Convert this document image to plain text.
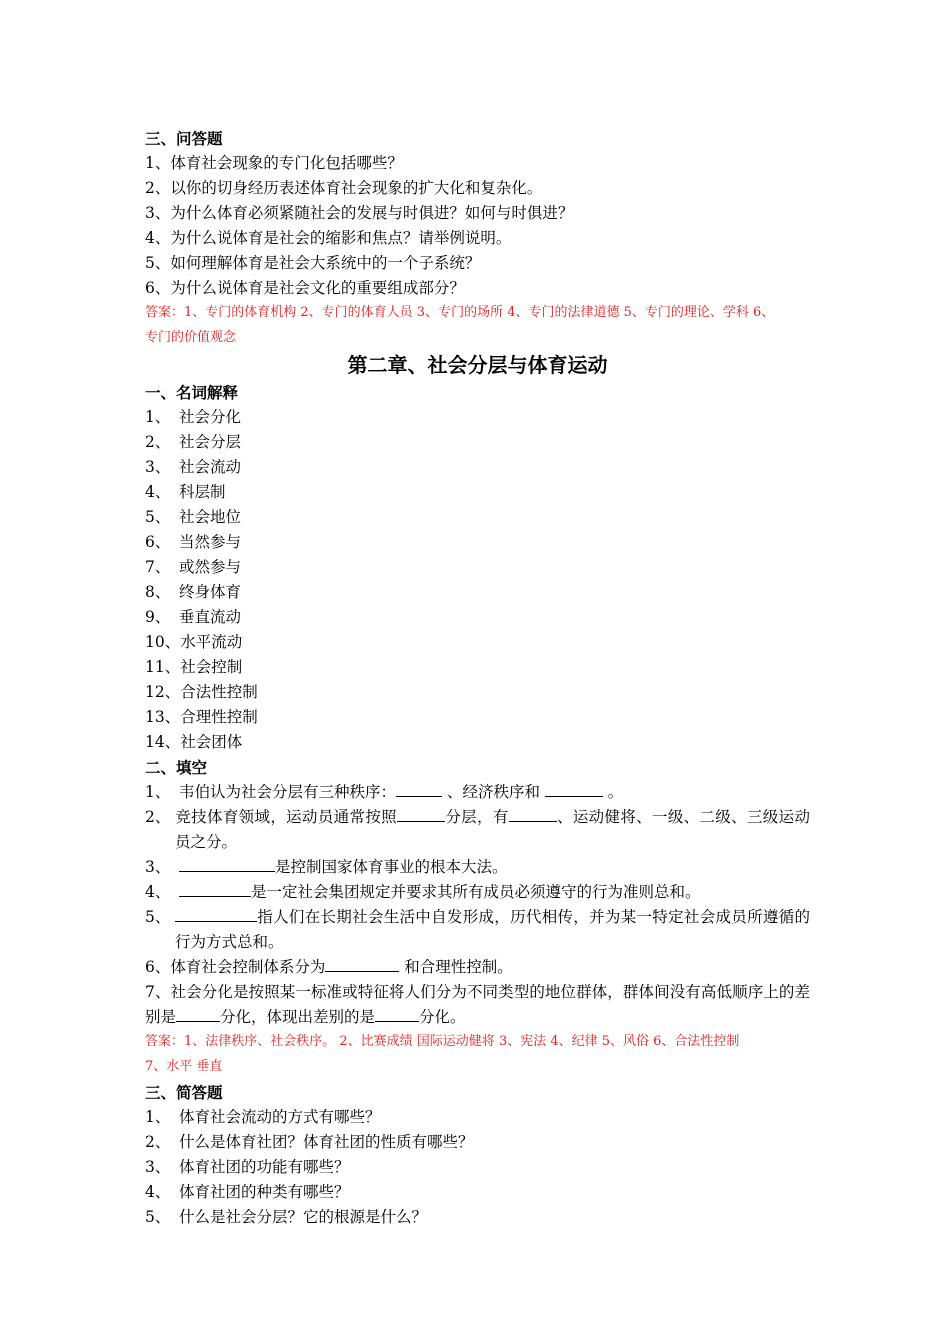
三、问答题
1、体育社会现象的专门化包括哪些？
2、以你的切身经历表述体育社会现象的扩大化和复杂化。
3、为什么体育必须紧随社会的发展与时俱进？如何与时俱进？
4、为什么说体育是社会的缩影和焦点？请举例说明。
5、如何理解体育是社会大系统中的一个子系统？
6、为什么说体育是社会文化的重要组成部分？
答案：1、专门的体育机构 2、专门的体育人员 3、专门的场所 4、专门的法律道德 5、专门的理论、学科 6、
专门的价值观念
第二章、社会分层与体育运动
一、名词解释
1、 社会分化
2、 社会分层
3、 社会流动
4、 科层制
5、 社会地位
6、 当然参与
7、 或然参与
8、 终身体育
9、 垂直流动
10、水平流动
11、社会控制
12、合法性控制
13、合理性控制
14、社会团体
二、填空
1、 韦伯认为社会分层有三种秩序：	、经济秩序和	。
2、 竞技体育领域，运动员通常按照	分层，有	、运动健将、一级、二级、三级运动员之分。
3、	是控制国家体育事业的根本大法。
4、	是一定社会集团规定并要求其所有成员必须遵守的行为准则总和。
5、	指人们在长期社会生活中自发形成，历代相传，并为某一特定社会成员所遵循的行为方式总和。
6、体育社会控制体系分为	和合理性控制。
7、社会分化是按照某一标准或特征将人们分为不同类型的地位群体，群体间没有高低顺序上的差别是	分化，体现出差别的是	分化。
答案：1、法律秩序、社会秩序。 2、比赛成绩 国际运动健将 3、宪法 4、纪律 5、风俗 6、合法性控制
7、水平 垂直
三、简答题
1、 体育社会流动的方式有哪些？
2、 什么是体育社团？体育社团的性质有哪些？
3、 体育社团的功能有哪些？
4、 体育社团的种类有哪些？
5、 什么是社会分层？它的根源是什么？
